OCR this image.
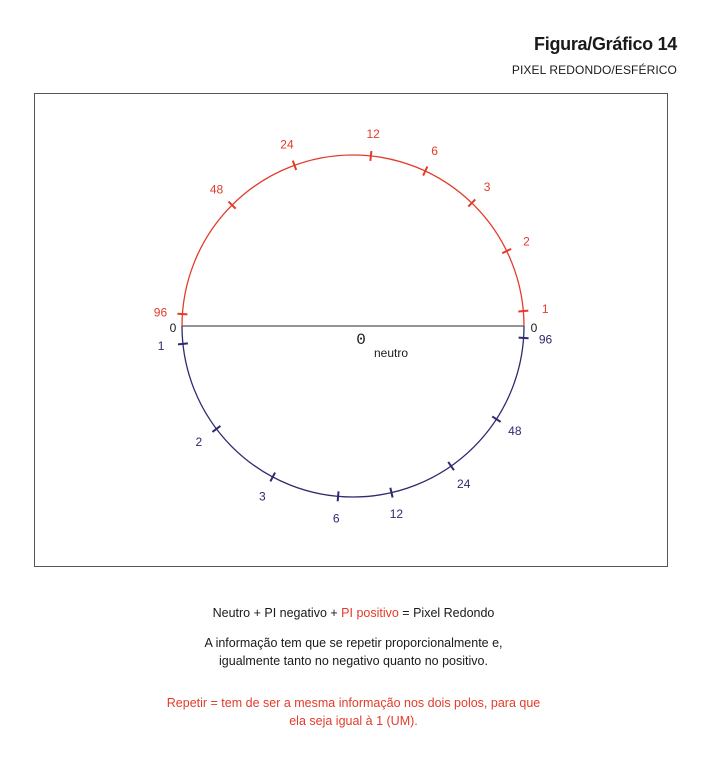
Figura/Gráfico 14
PIXEL REDONDO/ESFÉRICO
1
2
3
6
12
24
48
96
1
2
3
6	12
24
48
96
0
neutro
0	0
Neutro + PI negativo + PI positivo = Pixel Redondo
A informação tem que se repetir proporcionalmente e,
igualmente tanto no negativo quanto no positivo.
Repetir = tem de ser a mesma informação nos dois polos, para que
ela seja igual à 1 (UM).
